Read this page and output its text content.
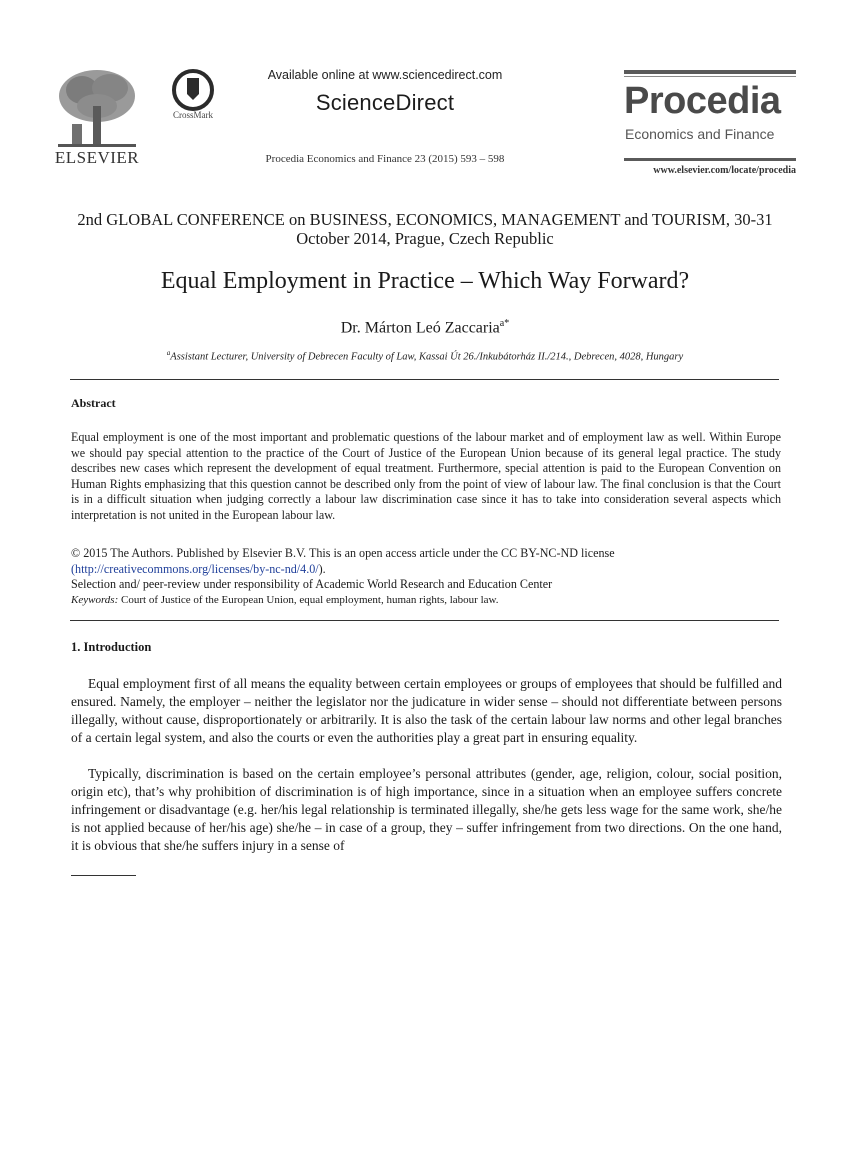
ELSEVIER
CrossMark
Available online at www.sciencedirect.com
ScienceDirect
Procedia Economics and Finance 23 (2015) 593 – 598
Procedia
Economics and Finance
www.elsevier.com/locate/procedia
2nd GLOBAL CONFERENCE on BUSINESS, ECONOMICS, MANAGEMENT and TOURISM, 30-31 October 2014, Prague, Czech Republic
Equal Employment in Practice – Which Way Forward?
Dr. Márton Leó Zaccaria$^{a*}$
$^a$Assistant Lecturer, University of Debrecen Faculty of Law, Kassai Út 26./Inkubátorház II./214., Debrecen, 4028, Hungary
Abstract
Equal employment is one of the most important and problematic questions of the labour market and of employment law as well. Within Europe we should pay special attention to the practice of the Court of Justice of the European Union because of its general legal practice. The study describes new cases which represent the development of equal treatment. Furthermore, special attention is paid to the European Convention on Human Rights emphasizing that this question cannot be described only from the point of view of labour law. The final conclusion is that the Court is in a difficult situation when judging correctly a labour law discrimination case since it has to take into consideration several aspects which interpretation is not united in the European labour law.
© 2015 The Authors. Published by Elsevier B.V. This is an open access article under the CC BY-NC-ND license
(http://creativecommons.org/licenses/by-nc-nd/4.0/).
Selection and/ peer-review under responsibility of Academic World Research and Education Center
Keywords: Court of Justice of the European Union, equal employment, human rights, labour law.
1. Introduction
Equal employment first of all means the equality between certain employees or groups of employees that should be fulfilled and ensured. Namely, the employer – neither the legislator nor the judicature in wider sense – should not differentiate between persons illegally, without cause, disproportionately or arbitrarily. It is also the task of the certain labour law norms and other legal branches of a certain legal system, and also the courts or even the authorities play a great part in ensuring equality.
Typically, discrimination is based on the certain employee’s personal attributes (gender, age, religion, colour, social position, origin etc), that’s why prohibition of discrimination is of high importance, since in a situation when an employee suffers concrete infringement or disadvantage (e.g. her/his legal relationship is terminated illegally, she/he gets less wage for the same work, she/he is not applied because of her/his age) she/he – in case of a group, they – suffer infringement from two directions. On the one hand, it is obvious that she/he suffers injury in a sense of
